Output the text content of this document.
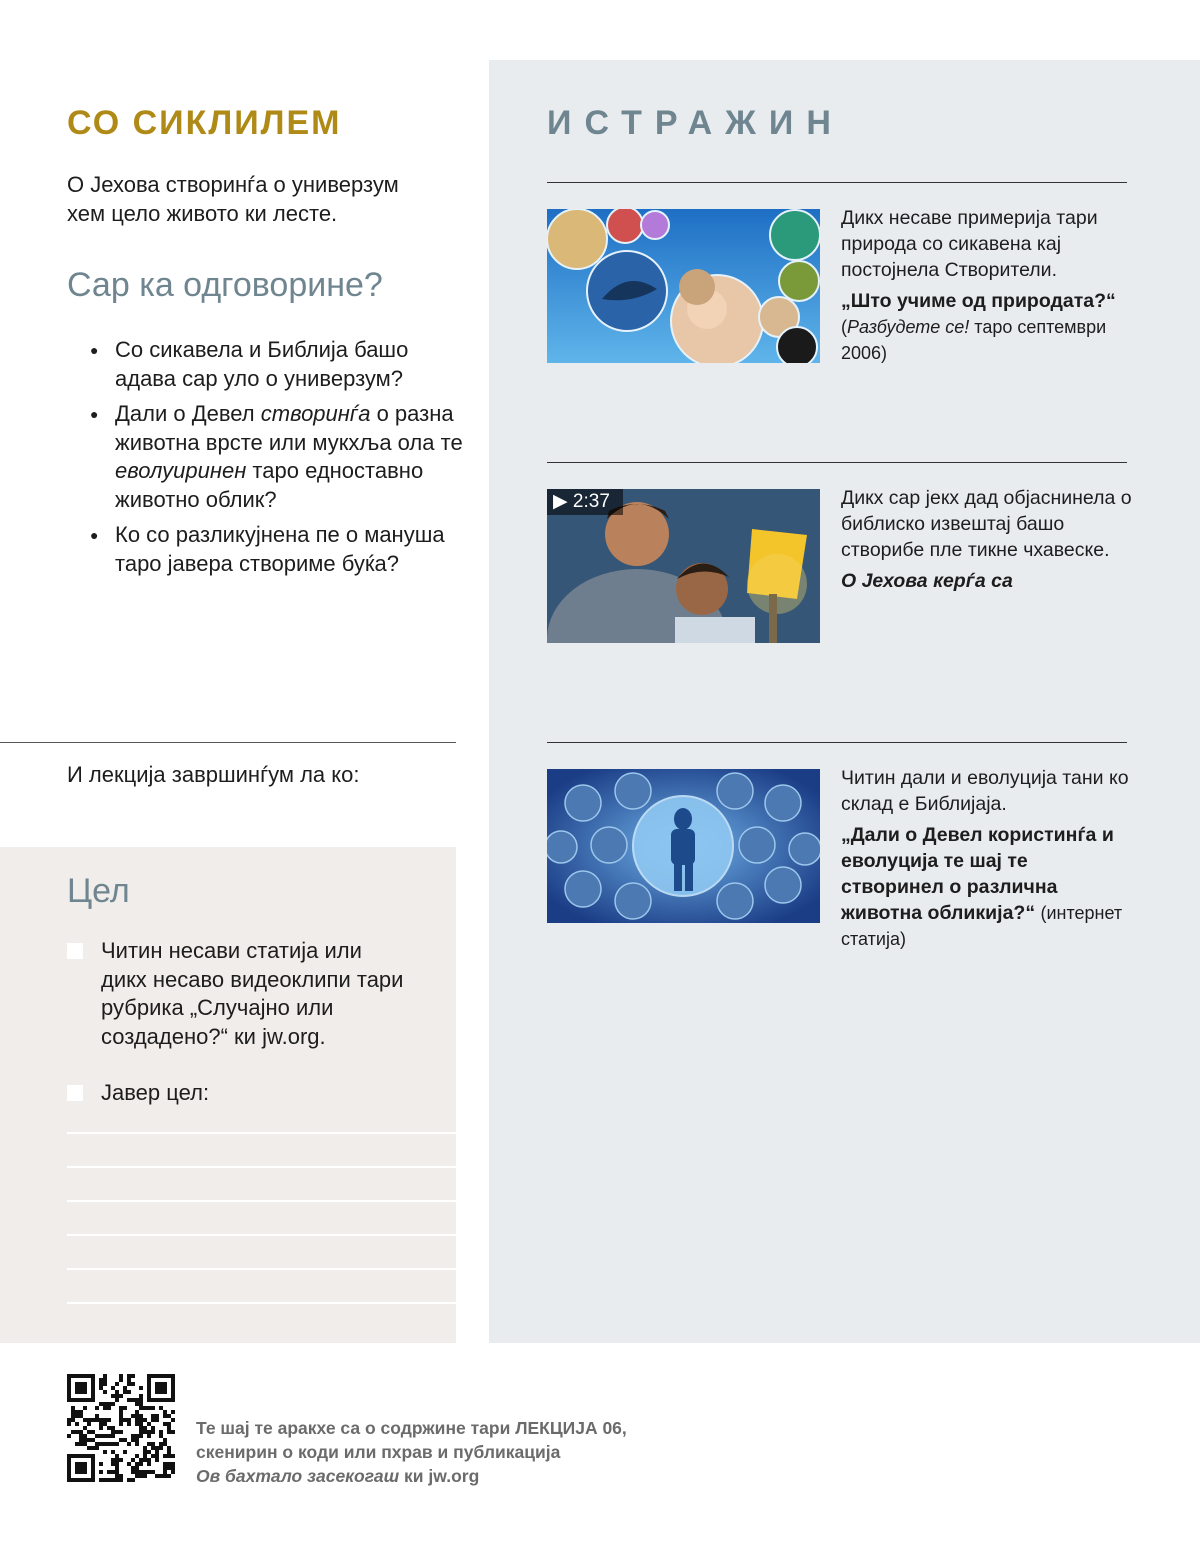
СО СИКЛИЛЕМ
О Јехова створинѓа о универзум хем цело живото ки лесте.
Сар ка одговорине?
● Со сикавела и Библија башо адава сар уло о универзум?
● Дали о Девел створинѓа о разна животна врсте или мукхља ола те еволуиринен таро едноставно животно облик?
● Ко со разликујнена пе о мануша таро јавера створиме буќа?
И лекција завршинѓум ла ко:
Цел
Читин несави статија или дикх несаво видеоклипи тари рубрика „Случајно или создадено?“ ки jw.org.
Јавер цел:
ИСТРАЖИН

Дикх несаве примерија тари природа со сикавена кај постојнела Створители.

„Што учиме од природата?“
(Разбудете се! таро септември 2006)
▶ 2:37	Дикх сар јекх дад објаснинела о библиско извештај башо створибе пле тикне чхавеске.

О Јехова керѓа са

Читин дали и еволуција тани ко склад е Библијаја.

„Дали о Девел користинѓа и еволуција те шај те створинел о различна животна обликија?“ (интернет статија)
Те шај те аракхе са о содржине тари ЛЕКЦИЈА 06,
скенирин о коди или пхрав и публикација
Ов бахтало засекогаш ки jw.org
